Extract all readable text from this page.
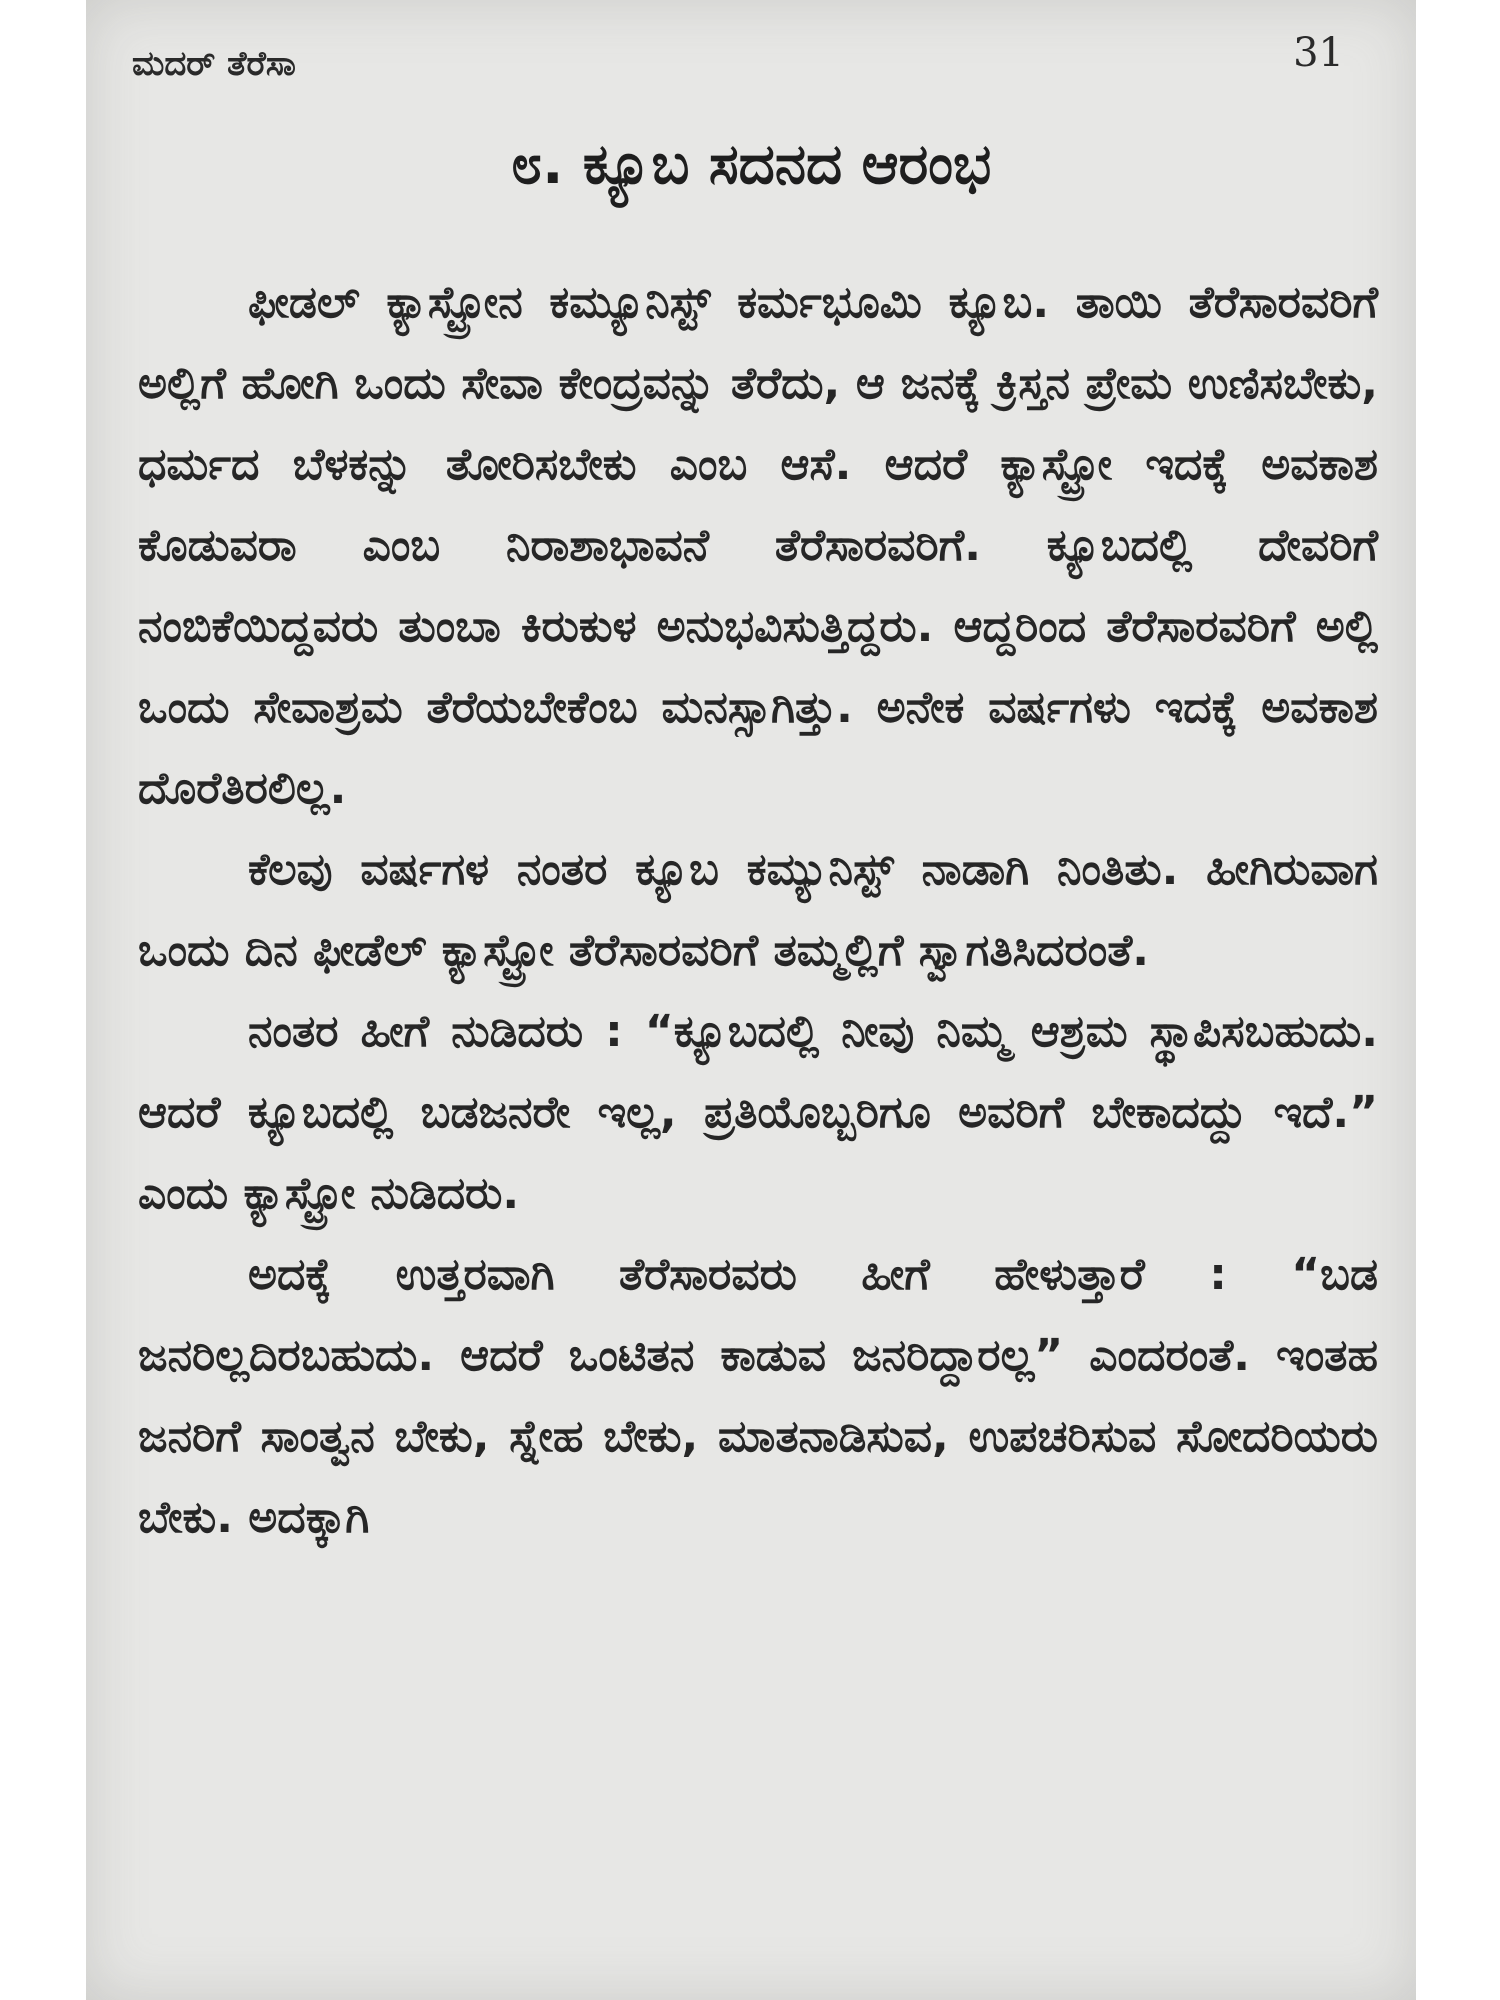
ಮದರ್ ತೆರೆಸಾ	31
೮. ಕ್ಯೂಬ ಸದನದ ಆರಂಭ

ಫೀಡಲ್ ಕ್ಯಾಸ್ಟ್ರೋನ ಕಮ್ಯೂನಿಸ್ಟ್ ಕರ್ಮಭೂಮಿ ಕ್ಯೂಬ. ತಾಯಿ ತೆರೆಸಾರವರಿಗೆ ಅಲ್ಲಿಗೆ ಹೋಗಿ ಒಂದು ಸೇವಾ ಕೇಂದ್ರವನ್ನು ತೆರೆದು, ಆ ಜನಕ್ಕೆ ಕ್ರಿಸ್ತನ ಪ್ರೇಮ ಉಣಿಸಬೇಕು, ಧರ್ಮದ ಬೆಳಕನ್ನು ತೋರಿಸಬೇಕು ಎಂಬ ಆಸೆ. ಆದರೆ ಕ್ಯಾಸ್ಟ್ರೋ ಇದಕ್ಕೆ ಅವಕಾಶ ಕೊಡುವರಾ ಎಂಬ ನಿರಾಶಾಭಾವನೆ ತೆರೆಸಾರವರಿಗೆ. ಕ್ಯೂಬದಲ್ಲಿ ದೇವರಿಗೆ ನಂಬಿಕೆಯಿದ್ದವರು ತುಂಬಾ ಕಿರುಕುಳ ಅನುಭವಿಸುತ್ತಿದ್ದರು. ಆದ್ದರಿಂದ ತೆರೆಸಾರವರಿಗೆ ಅಲ್ಲಿ ಒಂದು ಸೇವಾಶ್ರಮ ತೆರೆಯಬೇಕೆಂಬ ಮನಸ್ಸಾಗಿತ್ತು. ಅನೇಕ ವರ್ಷಗಳು ಇದಕ್ಕೆ ಅವಕಾಶ ದೊರೆತಿರಲಿಲ್ಲ.

ಕೆಲವು ವರ್ಷಗಳ ನಂತರ ಕ್ಯೂಬ ಕಮ್ಯುನಿಸ್ಟ್ ನಾಡಾಗಿ ನಿಂತಿತು. ಹೀಗಿರುವಾಗ ಒಂದು ದಿನ ಫೀಡೆಲ್ ಕ್ಯಾಸ್ಟ್ರೋ ತೆರೆಸಾರವರಿಗೆ ತಮ್ಮಲ್ಲಿಗೆ ಸ್ವಾಗತಿಸಿದರಂತೆ.

ನಂತರ ಹೀಗೆ ನುಡಿದರು : “ಕ್ಯೂಬದಲ್ಲಿ ನೀವು ನಿಮ್ಮ ಆಶ್ರಮ ಸ್ಥಾಪಿಸಬಹುದು. ಆದರೆ ಕ್ಯೂಬದಲ್ಲಿ ಬಡಜನರೇ ಇಲ್ಲ, ಪ್ರತಿಯೊಬ್ಬರಿಗೂ ಅವರಿಗೆ ಬೇಕಾದದ್ದು ಇದೆ.” ಎಂದು ಕ್ಯಾಸ್ಟ್ರೋ ನುಡಿದರು.

ಅದಕ್ಕೆ ಉತ್ತರವಾಗಿ ತೆರೆಸಾರವರು ಹೀಗೆ ಹೇಳುತ್ತಾರೆ : “ಬಡ ಜನರಿಲ್ಲದಿರಬಹುದು. ಆದರೆ ಒಂಟಿತನ ಕಾಡುವ ಜನರಿದ್ದಾರಲ್ಲ” ಎಂದರಂತೆ. ಇಂತಹ ಜನರಿಗೆ ಸಾಂತ್ವನ ಬೇಕು, ಸ್ನೇಹ ಬೇಕು, ಮಾತನಾಡಿಸುವ, ಉಪಚರಿಸುವ ಸೋದರಿಯರು ಬೇಕು. ಅದಕ್ಕಾಗಿ
